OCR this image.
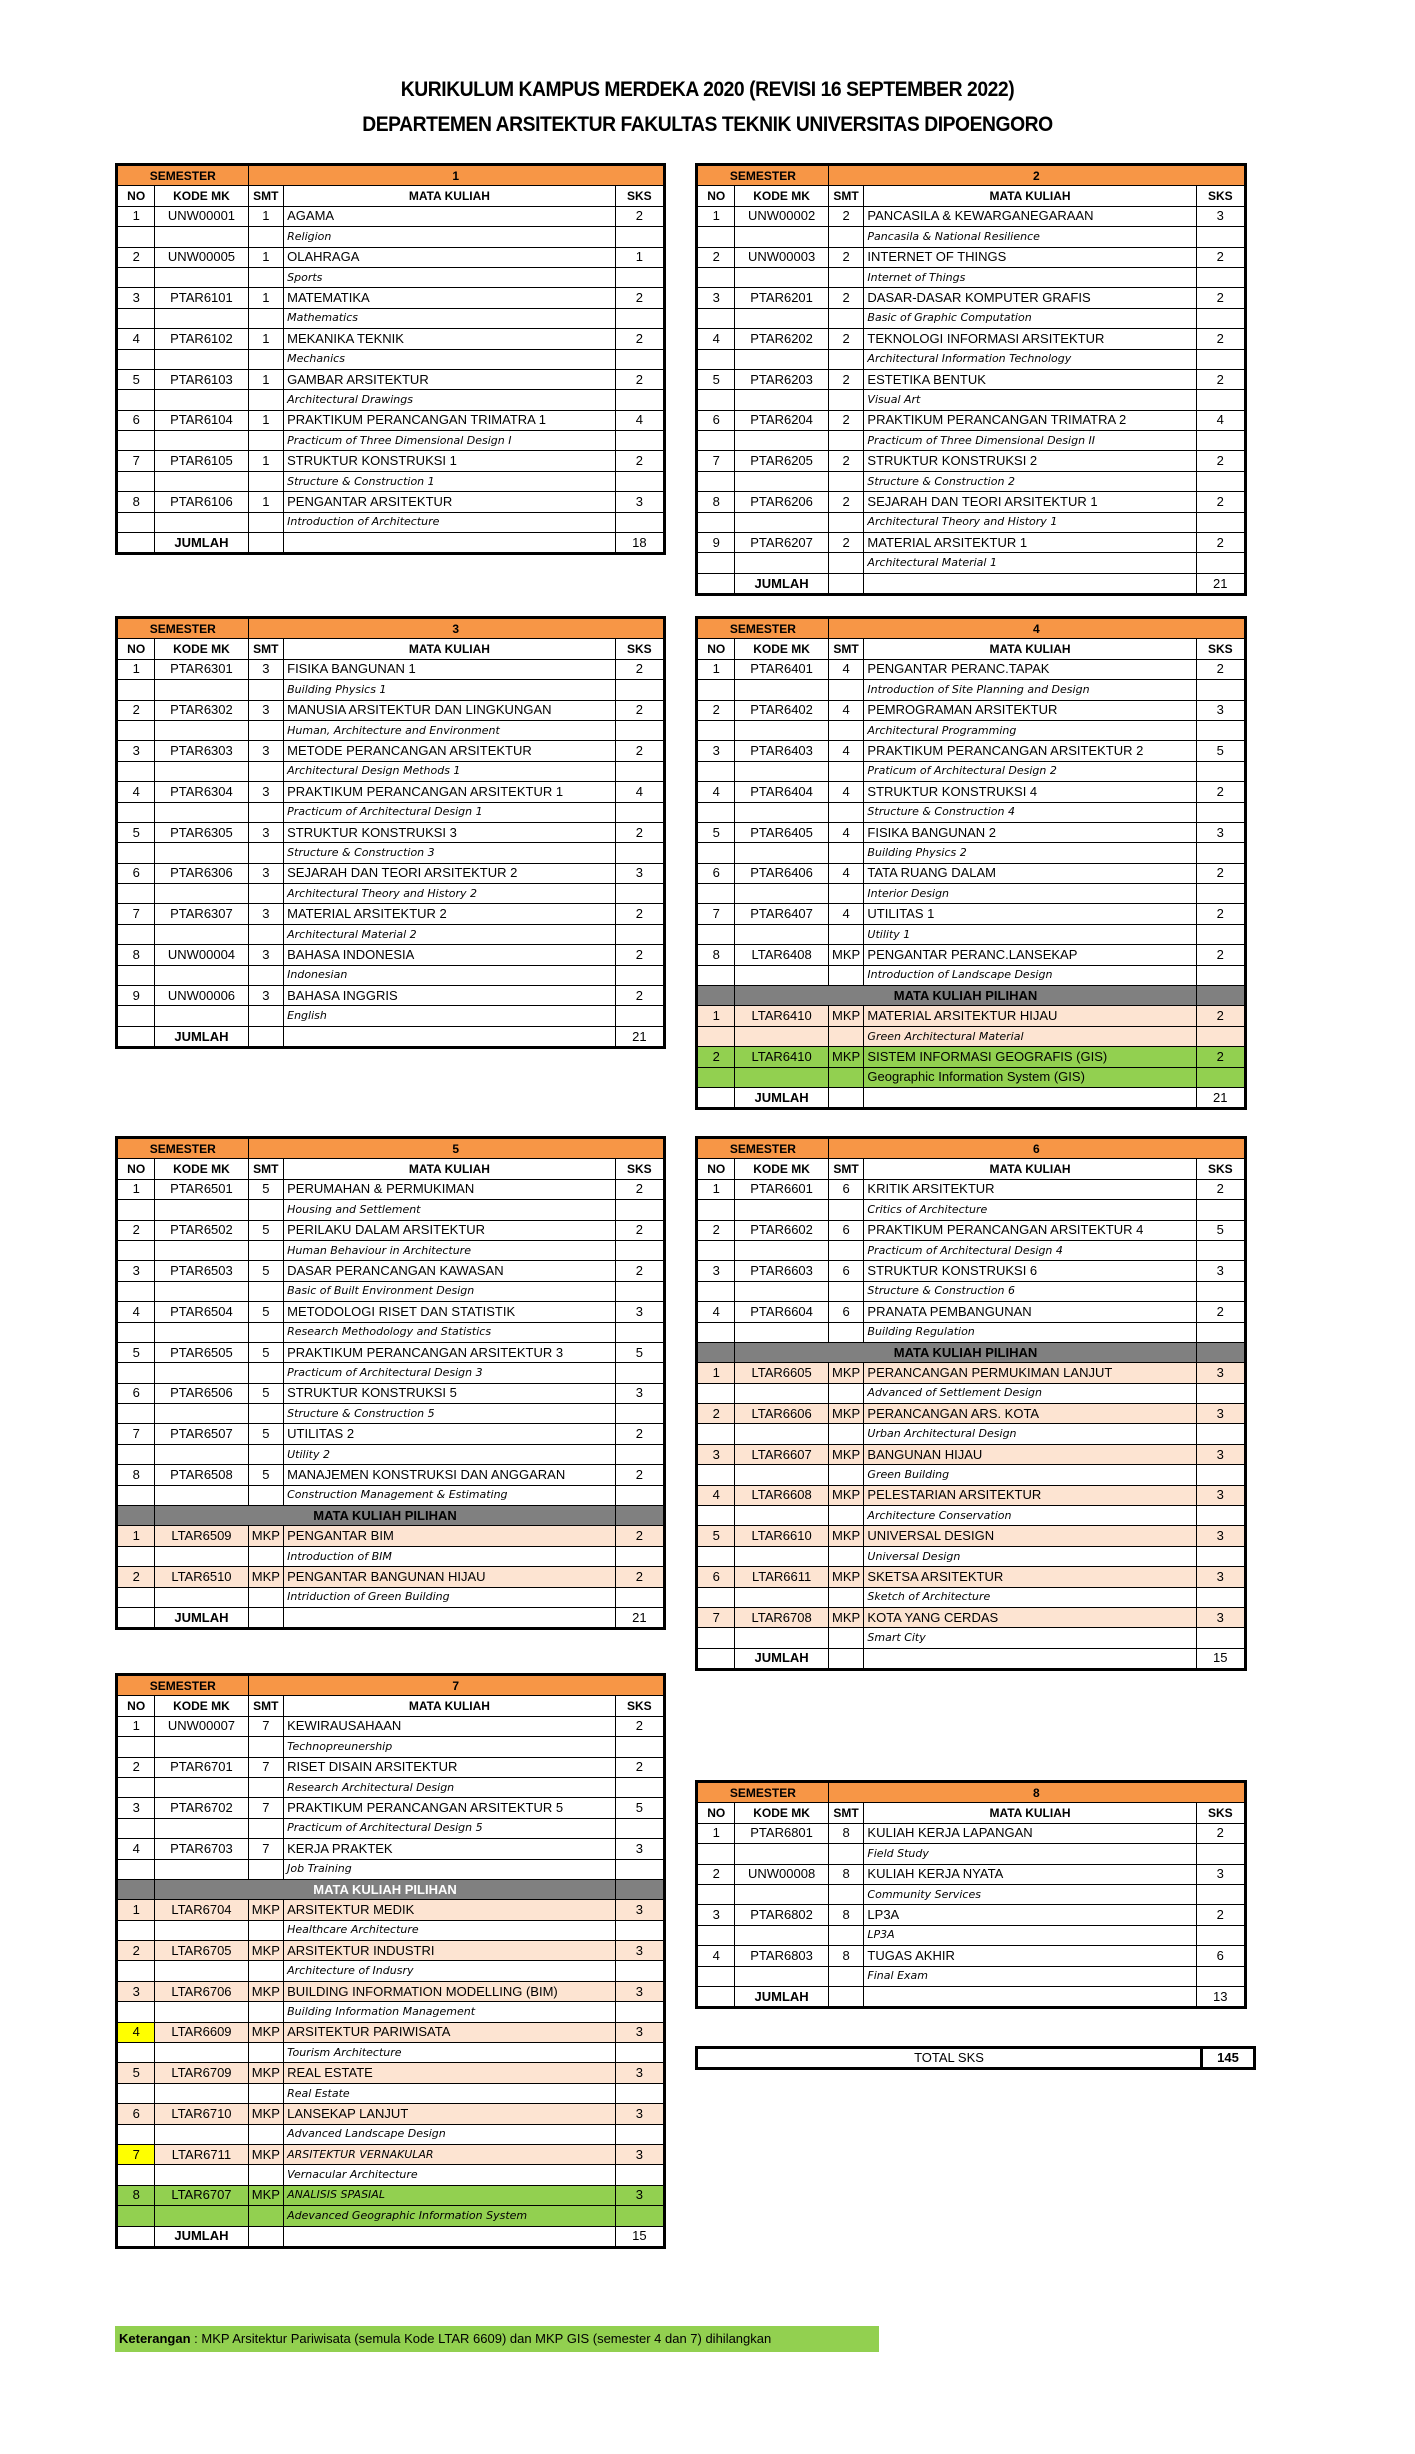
KURIKULUM KAMPUS MERDEKA 2020 (REVISI 16 SEPTEMBER 2022)
DEPARTEMEN ARSITEKTUR FAKULTAS TEKNIK UNIVERSITAS DIPOENGORO
SEMESTER		1		
NO	KODE MK	SMT	MATA KULIAH	SKS
1	UNW00001	1	AGAMA	2
			Religion	
2	UNW00005	1	OLAHRAGA	1
			Sports	
3	PTAR6101	1	MATEMATIKA	2
			Mathematics	
4	PTAR6102	1	MEKANIKA TEKNIK	2
			Mechanics	
5	PTAR6103	1	GAMBAR ARSITEKTUR	2
			Architectural Drawings	
6	PTAR6104	1	PRAKTIKUM PERANCANGAN TRIMATRA 1	4
			Practicum of Three Dimensional Design I	
7	PTAR6105	1	STRUKTUR KONSTRUKSI 1	2
			Structure & Construction 1	
8	PTAR6106	1	PENGANTAR ARSITEKTUR	3
			Introduction of Architecture	
	JUMLAH			18
SEMESTER		2		
NO	KODE MK	SMT	MATA KULIAH	SKS
1	UNW00002	2	PANCASILA & KEWARGANEGARAAN	3
			Pancasila & National Resilience	
2	UNW00003	2	INTERNET OF THINGS	2
			Internet of Things	
3	PTAR6201	2	DASAR-DASAR KOMPUTER GRAFIS	2
			Basic of Graphic Computation	
4	PTAR6202	2	TEKNOLOGI INFORMASI ARSITEKTUR	2
			Architectural Information Technology	
5	PTAR6203	2	ESTETIKA BENTUK	2
			Visual Art	
6	PTAR6204	2	PRAKTIKUM PERANCANGAN TRIMATRA 2	4
			Practicum of Three Dimensional Design II	
7	PTAR6205	2	STRUKTUR KONSTRUKSI 2	2
			Structure & Construction 2	
8	PTAR6206	2	SEJARAH DAN TEORI ARSITEKTUR 1	2
			Architectural Theory and History 1	
9	PTAR6207	2	MATERIAL ARSITEKTUR 1	2
			Architectural Material 1	
	JUMLAH			21
SEMESTER		3		
NO	KODE MK	SMT	MATA KULIAH	SKS
1	PTAR6301	3	FISIKA BANGUNAN 1	2
			Building Physics 1	
2	PTAR6302	3	MANUSIA ARSITEKTUR DAN LINGKUNGAN	2
			Human, Architecture and Environment	
3	PTAR6303	3	METODE PERANCANGAN ARSITEKTUR	2
			Architectural Design Methods 1	
4	PTAR6304	3	PRAKTIKUM PERANCANGAN ARSITEKTUR 1	4
			Practicum of Architectural Design 1	
5	PTAR6305	3	STRUKTUR KONSTRUKSI 3	2
			Structure & Construction 3	
6	PTAR6306	3	SEJARAH DAN TEORI ARSITEKTUR 2	3
			Architectural Theory and History 2	
7	PTAR6307	3	MATERIAL ARSITEKTUR 2	2
			Architectural Material 2	
8	UNW00004	3	BAHASA INDONESIA	2
			Indonesian	
9	UNW00006	3	BAHASA INGGRIS	2
			English	
	JUMLAH			21
SEMESTER		4		
NO	KODE MK	SMT	MATA KULIAH	SKS
1	PTAR6401	4	PENGANTAR PERANC.TAPAK	2
			Introduction of Site Planning and Design	
2	PTAR6402	4	PEMROGRAMAN ARSITEKTUR	3
			Architectural Programming	
3	PTAR6403	4	PRAKTIKUM PERANCANGAN ARSITEKTUR 2	5
			Praticum of Architectural Design 2	
4	PTAR6404	4	STRUKTUR KONSTRUKSI 4	2
			Structure & Construction 4	
5	PTAR6405	4	FISIKA BANGUNAN 2	3
			Building Physics 2	
6	PTAR6406	4	TATA RUANG DALAM	2
			Interior Design	
7	PTAR6407	4	UTILITAS 1	2
			Utility 1	
8	LTAR6408	MKP	PENGANTAR PERANC.LANSEKAP	2
			Introduction of Landscape Design	
	MATA KULIAH PILIHAN			
1	LTAR6410	MKP	MATERIAL ARSITEKTUR HIJAU	2
			Green Architectural Material	
2	LTAR6410	MKP	SISTEM INFORMASI GEOGRAFIS (GIS)	2
			Geographic Information System (GIS)	
	JUMLAH			21
SEMESTER		5		
NO	KODE MK	SMT	MATA KULIAH	SKS
1	PTAR6501	5	PERUMAHAN & PERMUKIMAN	2
			Housing and Settlement	
2	PTAR6502	5	PERILAKU DALAM ARSITEKTUR	2
			Human Behaviour in Architecture	
3	PTAR6503	5	DASAR PERANCANGAN KAWASAN	2
			Basic of Built Environment Design	
4	PTAR6504	5	METODOLOGI RISET DAN STATISTIK	3
			Research Methodology and Statistics	
5	PTAR6505	5	PRAKTIKUM PERANCANGAN ARSITEKTUR 3	5
			Practicum of Architectural Design 3	
6	PTAR6506	5	STRUKTUR KONSTRUKSI 5	3
			Structure & Construction 5	
7	PTAR6507	5	UTILITAS 2	2
			Utility 2	
8	PTAR6508	5	MANAJEMEN KONSTRUKSI DAN ANGGARAN	2
			Construction Management & Estimating	
	MATA KULIAH PILIHAN			
1	LTAR6509	MKP	PENGANTAR BIM	2
			Introduction of BIM	
2	LTAR6510	MKP	PENGANTAR BANGUNAN HIJAU	2
			Intriduction of Green Building	
	JUMLAH			21
SEMESTER		6		
NO	KODE MK	SMT	MATA KULIAH	SKS
1	PTAR6601	6	KRITIK ARSITEKTUR	2
			Critics of Architecture	
2	PTAR6602	6	PRAKTIKUM PERANCANGAN ARSITEKTUR 4	5
			Practicum of Architectural Design 4	
3	PTAR6603	6	STRUKTUR KONSTRUKSI 6	3
			Structure & Construction 6	
4	PTAR6604	6	PRANATA PEMBANGUNAN	2
			Building Regulation	
	MATA KULIAH PILIHAN			
1	LTAR6605	MKP	PERANCANGAN PERMUKIMAN LANJUT	3
			Advanced of Settlement Design	
2	LTAR6606	MKP	PERANCANGAN ARS. KOTA	3
			Urban Architectural Design	
3	LTAR6607	MKP	BANGUNAN HIJAU	3
			Green Building	
4	LTAR6608	MKP	PELESTARIAN ARSITEKTUR	3
			Architecture Conservation	
5	LTAR6610	MKP	UNIVERSAL DESIGN	3
			Universal Design	
6	LTAR6611	MKP	SKETSA ARSITEKTUR	3
			Sketch of Architecture	
7	LTAR6708	MKP	KOTA YANG CERDAS	3
			Smart City	
	JUMLAH			15
SEMESTER		7		
NO	KODE MK	SMT	MATA KULIAH	SKS
1	UNW00007	7	KEWIRAUSAHAAN	2
			Technopreunership	
2	PTAR6701	7	RISET DISAIN ARSITEKTUR	2
			Research Architectural Design	
3	PTAR6702	7	PRAKTIKUM PERANCANGAN ARSITEKTUR 5	5
			Practicum of Architectural Design 5	
4	PTAR6703	7	KERJA PRAKTEK	3
			Job Training	
	MATA KULIAH PILIHAN			
1	LTAR6704	MKP	ARSITEKTUR MEDIK	3
			Healthcare Architecture	
2	LTAR6705	MKP	ARSITEKTUR INDUSTRI	3
			Architecture of Indusry	
3	LTAR6706	MKP	BUILDING INFORMATION MODELLING (BIM)	3
			Building Information Management	
4	LTAR6609	MKP	ARSITEKTUR PARIWISATA	3
			Tourism Architecture	
5	LTAR6709	MKP	REAL ESTATE	3
			Real Estate	
6	LTAR6710	MKP	LANSEKAP LANJUT	3
			Advanced Landscape Design	
7	LTAR6711	MKP	ARSITEKTUR VERNAKULAR	3
			Vernacular Architecture	
8	LTAR6707	MKP	ANALISIS SPASIAL	3
			Adevanced Geographic Information System	
	JUMLAH			15
SEMESTER		8		
NO	KODE MK	SMT	MATA KULIAH	SKS
1	PTAR6801	8	KULIAH KERJA LAPANGAN	2
			Field Study	
2	UNW00008	8	KULIAH KERJA NYATA	3
			Community Services	
3	PTAR6802	8	LP3A	2
			LP3A	
4	PTAR6803	8	TUGAS AKHIR	6
			Final Exam	
	JUMLAH			13
TOTAL SKS	145
Keterangan : MKP Arsitektur Pariwisata (semula Kode LTAR 6609) dan MKP GIS (semester 4 dan 7) dihilangkan
